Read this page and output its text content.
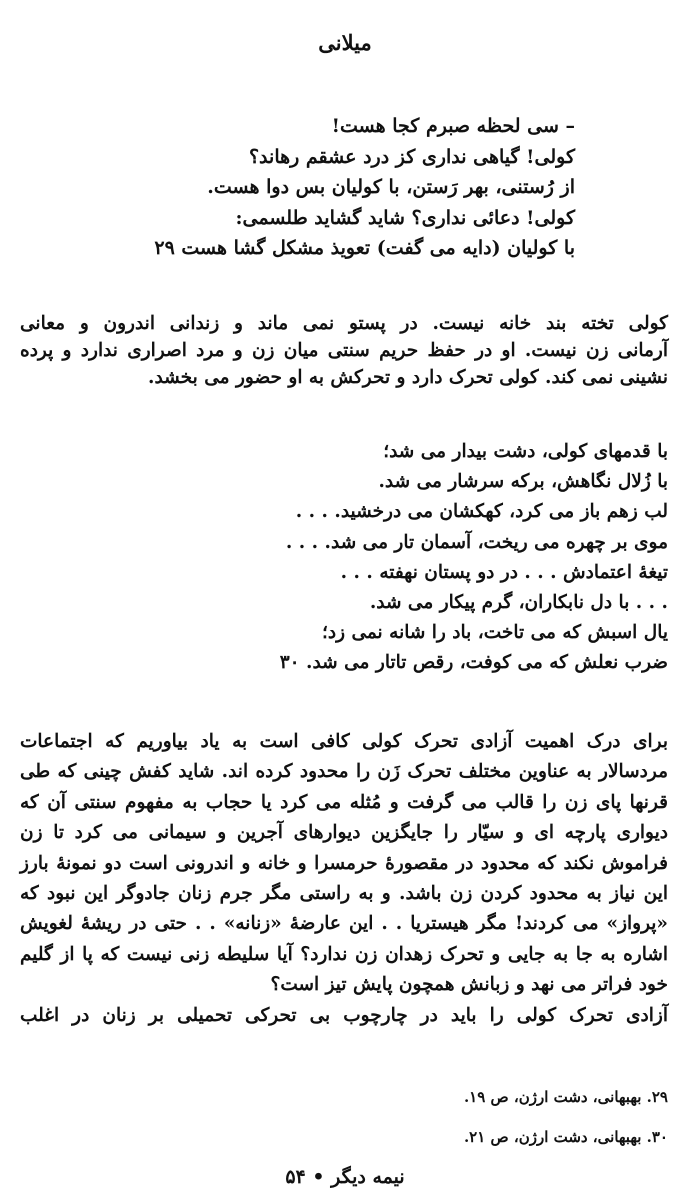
میلانی
– سی لحظه صبرم کجا هست!
کولی! گیاهی نداری کز درد عشقم رهاند؟
از رُستنی، بهر رَستن، با کولیان بس دوا هست.
کولی! دعائی نداری؟ شاید گشاید طلسمی:
با کولیان (دایه می گفت) تعویذ مشکل گشا هست ۲۹
کولی تخته بند خانه نیست. در پستو نمی ماند و زندانی اندرون و معانی
آرمانی زن نیست. او در حفظ حریم سنتی میان زن و مرد اصراری ندارد و پرده
نشینی نمی کند. کولی تحرک دارد و تحرکش به او حضور می بخشد.
با قدمهای کولی، دشت بیدار می شد؛
با زُلال نگاهش، برکه سرشار می شد.
لب زهم باز می کرد، کهکشان می درخشید. . . .
موی بر چهره می ریخت، آسمان تار می شد. . . .
تیغهٔ اعتمادش . . . در دو پستان نهفته . . .
. . . با دل نابکاران، گرم پیکار می شد.
یال اسبش که می تاخت، باد را شانه نمی زد؛
ضرب نعلش که می کوفت، رقص تاتار می شد. ۳۰
برای درک اهمیت آزادی تحرک کولی کافی است به یاد بیاوریم که اجتماعات
مردسالار به عناوین مختلف تحرک زَن را محدود کرده اند. شاید کفش چینی که طی
قرنها پای زن را قالب می گرفت و مُثله می کرد یا حجاب به مفهوم سنتی آن که
دیواری پارچه ای و سیّار را جایگزین دیوارهای آجرین و سیمانی می کرد تا زن
فراموش نکند که محدود در مقصورهٔ حرمسرا و خانه و اندرونی است دو نمونهٔ بارز
این نیاز به محدود کردن زن باشد. و به راستی مگر جرم زنان جادوگر این نبود که
«پرواز» می کردند! مگر هیستریا . . این عارضهٔ «زنانه» . . حتی در ریشهٔ لغویش
اشاره به جا به جایی و تحرک زهدان زن ندارد؟ آیا سلیطه زنی نیست که پا از گلیم
خود فراتر می نهد و زبانش همچون پایش تیز است؟
آزادی تحرک کولی را باید در چارچوب بی تحرکی تحمیلی بر زنان در اغلب
۲۹. بهبهانی، دشت ارژن، ص ۱۹.
۳۰. بهبهانی، دشت ارژن، ص ۲۱.
نیمه دیگر • ۵۴
